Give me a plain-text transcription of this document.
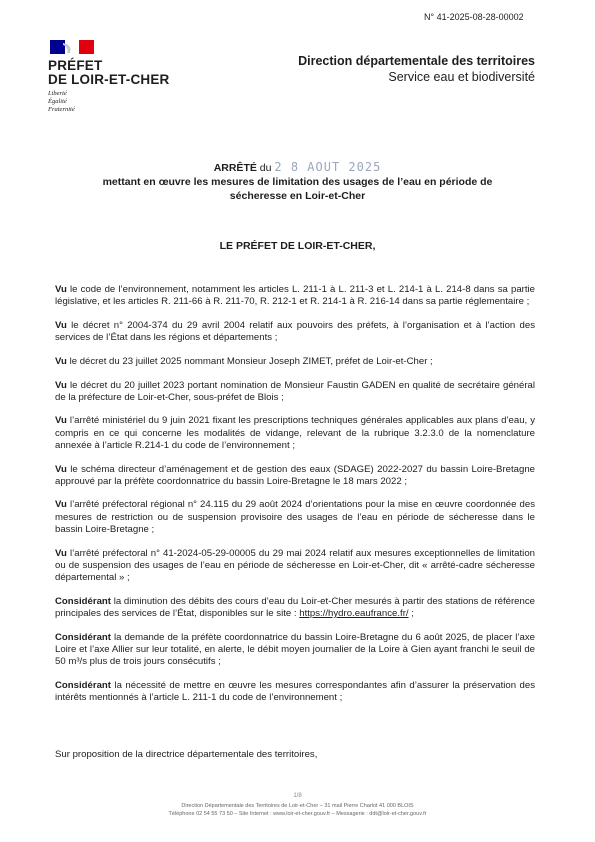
N° 41-2025-08-28-00002
PRÉFET
DE LOIR-ET-CHER
Liberté
Égalité
Fraternité
Direction départementale des territoires
Service eau et biodiversité
ARRÊTÉ du 2 8 AOUT 2025
mettant en œuvre les mesures de limitation des usages de l’eau en période de
sécheresse en Loir-et-Cher
LE PRÉFET DE LOIR-ET-CHER,

Vu le code de l’environnement, notamment les articles L. 211-1 à L. 211-3 et L. 214-1 à L. 214-8 dans sa partie législative, et les articles R. 211-66 à R. 211-70, R. 212-1 et R. 214-1 à R. 216-14 dans sa partie réglementaire ;

Vu le décret n° 2004-374 du 29 avril 2004 relatif aux pouvoirs des préfets, à l’organisation et à l’action des services de l’État dans les régions et départements ;

Vu le décret du 23 juillet 2025 nommant Monsieur Joseph ZIMET, préfet de Loir-et-Cher ;

Vu le décret du 20 juillet 2023 portant nomination de Monsieur Faustin GADEN en qualité de secrétaire général de la préfecture de Loir-et-Cher, sous-préfet de Blois ;

Vu l’arrêté ministériel du 9 juin 2021 fixant les prescriptions techniques générales applicables aux plans d’eau, y compris en ce qui concerne les modalités de vidange, relevant de la rubrique 3.2.3.0 de la nomenclature annexée à l’article R.214-1 du code de l’environnement ;

Vu le schéma directeur d’aménagement et de gestion des eaux (SDAGE) 2022-2027 du bassin Loire-Bretagne approuvé par la préfète coordonnatrice du bassin Loire-Bretagne le 18 mars 2022 ;

Vu l’arrêté préfectoral régional n° 24.115 du 29 août 2024 d’orientations pour la mise en œuvre coordonnée des mesures de restriction ou de suspension provisoire des usages de l’eau en période de sécheresse dans le bassin Loire-Bretagne ;

Vu l’arrêté préfectoral n° 41-2024-05-29-00005 du 29 mai 2024 relatif aux mesures exceptionnelles de limitation ou de suspension des usages de l’eau en période de sécheresse en Loir-et-Cher, dit « arrêté-cadre sécheresse départemental » ;

Considérant la diminution des débits des cours d’eau du Loir-et-Cher mesurés à partir des stations de référence principales des services de l’État, disponibles sur le site : https://hydro.eaufrance.fr/ ;

Considérant la demande de la préfète coordonnatrice du bassin Loire-Bretagne du 6 août 2025, de placer l’axe Loire et l’axe Allier sur leur totalité, en alerte, le débit moyen journalier de la Loire à Gien ayant franchi le seuil de 50 m³/s plus de trois jours consécutifs ;

Considérant la nécessité de mettre en œuvre les mesures correspondantes afin d’assurer la préservation des intérêts mentionnés à l’article L. 211-1 du code de l’environnement ;

Sur proposition de la directrice départementale des territoires,
1/8
Direction Départementale des Territoires de Loir-et-Cher – 31 mail Pierre Charlot 41 000 BLOIS
Téléphone 02 54 55 73 50 – Site Internet : www.loir-et-cher.gouv.fr – Messagerie : ddt@loir-et-cher.gouv.fr
